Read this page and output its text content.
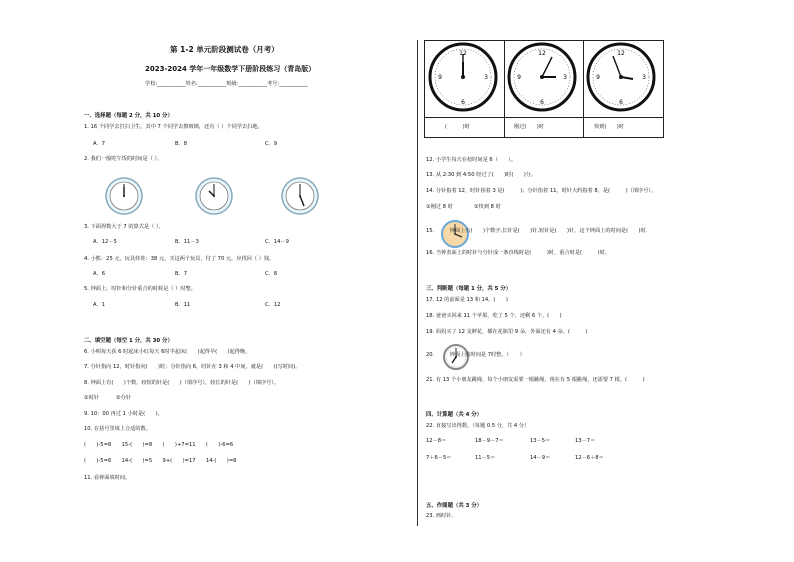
第 1-2 单元阶段测试卷（月考）
2023-2024 学年一年级数学下册阶段练习（青岛版）
学校:___________姓名:___________班级:___________考号:___________
一、选择题（每题 2 分，共 10 分）
1. 16 个同学去打扫卫生，其中 7 个同学去擦玻璃，还有（ ）个同学去扫地。
A．7	B．8	C．9
2. 我们一般吃午饭的时间是（ ）。
3. 下面得数大于 7 的算式是（ ）。
A．12－5	B．11－3	C．14－9
4. 小熊：25 元，玩具娃娃：38 元，买这两个玩具，付了 70 元，应找回（ ）钱。
A．6	B．7	C．8
5. 钟面上，时针和分针重合的时候是（ ）时整。
A．1	B．11	C．12
二、填空题（每空 1 分，共 30 分）
6. 小明每天获 6 时起床小红每天 6时半起床(　　)起得早(　　)起得晚。
7. 分针指向 12，时针指向(　　)时；分针指向 6，时针在 3 和 4 中间，就是(　　)(写时间)。
8. 钟面上有(　　)个数，较短的针是(　　)（填序号），较长的针是(　　)（填序号）。
①时针	②分针
9. 10：00 再过 1 小时是(　　)。
10. 在括号里填上合适的数。
(　　)-5=8　　15-(　　)=8　　(　　)+7=11　　(　　)-6=6
(　　)-5=6　　14-(　　)=5　　9+(　　)=17　　14-(　　)=8
11. 看钟面填时间。
12
3
6
9
12
3
6
9
12
3
6
9
(　　　)时	刚过(　　)时	快到(　　)时
12. 小学生每天在校时间是 6（　　）。
13. 从 2:30 到 4:50 经过了(　　)时(　　)分。
14. 分针指着 12，时针指着 3 是(　　　)；分针指着 11，时针大约指着 8，是(　　　)（填序号）。
①刚过 8 时	②快到 8 时
15.　　　钟面上有(　　)个数字,长针是(　　)针,短针是(　　)针，这个钟面上的时间是(　　)时．
16. 当钟表面上的时针与分针成一条直线时是(　　　)时，重合时是(　　　)时。
三、判断题（每题 1 分，共 5 分）
17. 12 的前面是 13 和 14。(　　)
18. 爸爸买回来 11 个苹果，吃了 5 个，还剩 6 个。(　　)
19. 妈妈买了 12 支鲜花，插在花瓶里 9 朵，外面还有 4 朵。(　　　)
20.　　　钟面上的时间是 7时整。（　　）
21. 有 13 个小朋友跳绳，每个小朋友需要一根跳绳，现在有 5 根跳绳，还需要 7 根。(　　　)
四、计算题（共 4 分）
22. 直接写出得数。（每题 0.5 分，共 4 分）
12－8＝	18－9－7＝	13－5＝	13－7＝
7＋6－5＝	11－5＝	14－9＝	12－6＋8＝
五、作图题（共 3 分）
23. 画时针。
